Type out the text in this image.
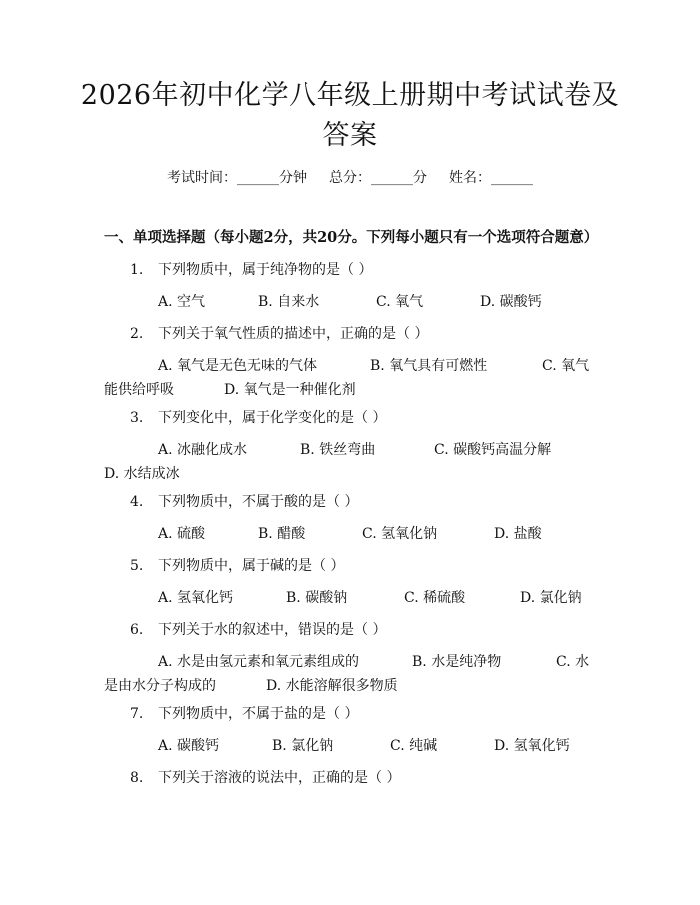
2026年初中化学八年级上册期中考试试卷及答案
考试时间：______分钟 总分：______分 姓名：______
一、单项选择题（每小题2分，共20分。下列每小题只有一个选项符合题意）
1. 下列物质中，属于纯净物的是（ ）
A. 空气	B. 自来水	C. 氧气	D. 碳酸钙
2. 下列关于氧气性质的描述中，正确的是（ ）
A. 氧气是无色无味的气体	B. 氧气具有可燃性	C. 氧气
能供给呼吸	D. 氧气是一种催化剂
3. 下列变化中，属于化学变化的是（ ）
A. 冰融化成水	B. 铁丝弯曲	C. 碳酸钙高温分解
D. 水结成冰
4. 下列物质中，不属于酸的是（ ）
A. 硫酸	B. 醋酸	C. 氢氧化钠	D. 盐酸
5. 下列物质中，属于碱的是（ ）
A. 氢氧化钙	B. 碳酸钠	C. 稀硫酸	D. 氯化钠
6. 下列关于水的叙述中，错误的是（ ）
A. 水是由氢元素和氧元素组成的	B. 水是纯净物	C. 水
是由水分子构成的	D. 水能溶解很多物质
7. 下列物质中，不属于盐的是（ ）
A. 碳酸钙	B. 氯化钠	C. 纯碱	D. 氢氧化钙
8. 下列关于溶液的说法中，正确的是（ ）
